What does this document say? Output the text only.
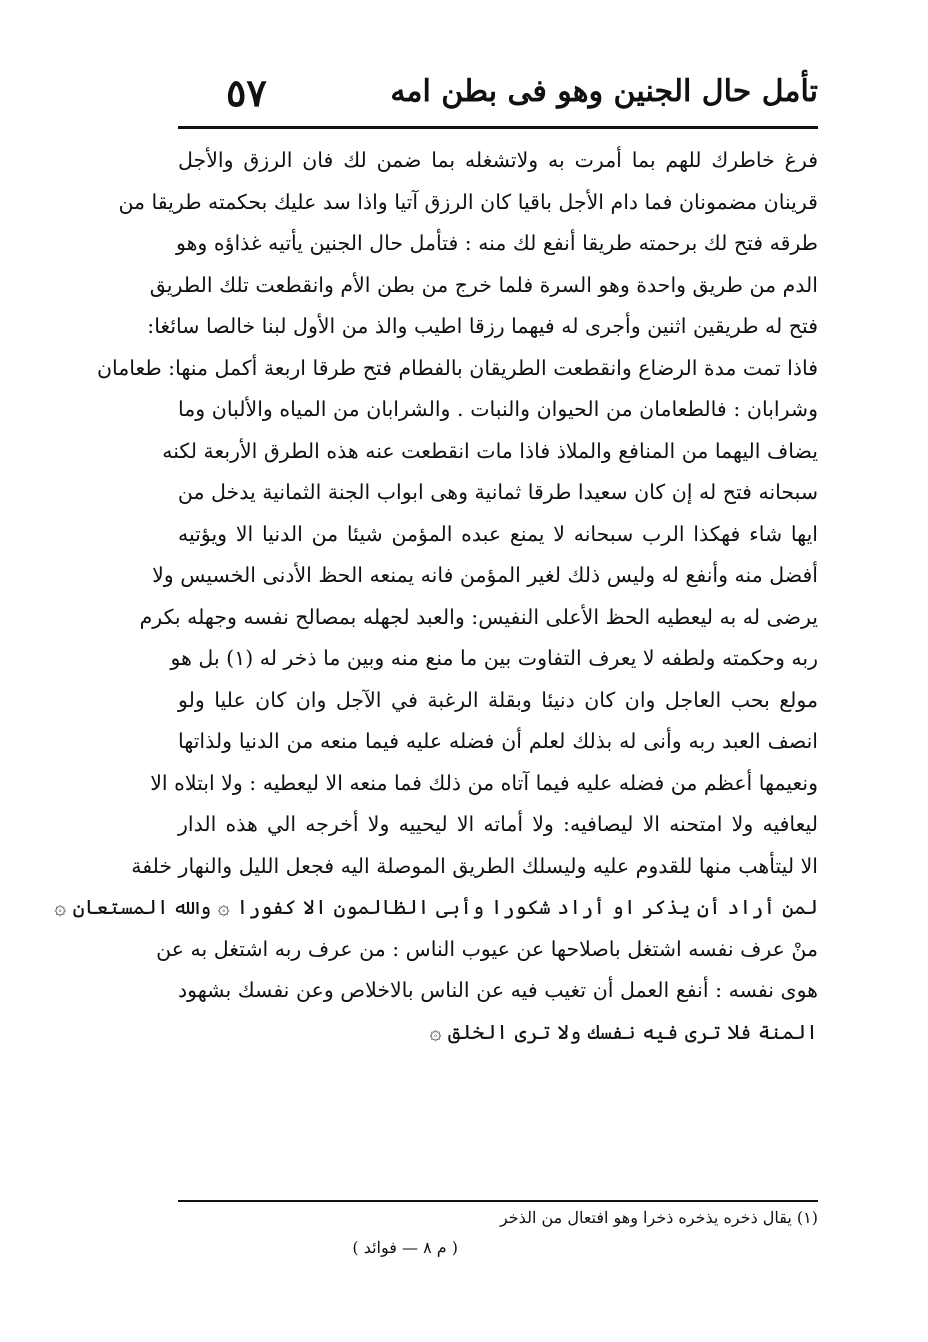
تأمل حال الجنين وهو فى بطن امه
٥٧
فرغ خاطرك للهم بما أمرت به ولاتشغله بما ضمن لك فان الرزق والأجل
قرينان مضمونان فما دام الأجل باقيا كان الرزق آتيا واذا سد عليك بحكمته طريقا من
طرقه فتح لك برحمته طريقا أنفع لك منه : فتأمل حال الجنين يأتيه غذاؤه وهو
الدم من طريق واحدة وهو السرة فلما خرج من بطن الأم وانقطعت تلك الطريق
فتح له طريقين اثنين وأجرى له فيهما رزقا اطيب والذ من الأول لبنا خالصا سائغا:
فاذا تمت مدة الرضاع وانقطعت الطريقان بالفطام فتح طرقا اربعة أكمل منها: طعامان
وشرابان : فالطعامان من الحيوان والنبات . والشرابان من المياه والألبان وما
يضاف اليهما من المنافع والملاذ فاذا مات انقطعت عنه هذه الطرق الأربعة لكنه
سبحانه فتح له إن كان سعيدا طرقا ثمانية وهى ابواب الجنة الثمانية يدخل من
ايها شاء فهكذا الرب سبحانه لا يمنع عبده المؤمن شيئا من الدنيا الا ويؤتيه
أفضل منه وأنفع له وليس ذلك لغير المؤمن فانه يمنعه الحظ الأدنى الخسيس ولا
يرضى له به ليعطيه الحظ الأعلى النفيس: والعبد لجهله بمصالح نفسه وجهله بكرم
ربه وحكمته ولطفه لا يعرف التفاوت بين ما منع منه وبين ما ذخر له (١) بل هو
مولع بحب العاجل وان كان دنيئا وبقلة الرغبة في الآجل وان كان عليا ولو
انصف العبد ربه وأنى له بذلك لعلم أن فضله عليه فيما منعه من الدنيا ولذاتها
ونعيمها أعظم من فضله عليه فيما آتاه من ذلك فما منعه الا ليعطيه : ولا ابتلاه الا
ليعافيه ولا امتحنه الا ليصافيه: ولا أماته الا ليحييه ولا أخرجه الي هذه الدار
الا ليتأهب منها للقدوم عليه وليسلك الطريق الموصلة اليه فجعل الليل والنهار خلفة
لمن أراد أن يذكر او أراد شكورا وأبى الظالمون الا كفورا ۞ والله المستعان ۞
منْ عرف نفسه اشتغل باصلاحها عن عيوب الناس : من عرف ربه اشتغل به عن
هوى نفسه : أنفع العمل أن تغيب فيه عن الناس بالاخلاص وعن نفسك بشهود
المنة فلا ترى فيه نفسك ولا ترى الخلق ۞
(١) يقال ذخره يذخره ذخرا وهو افتعال من الذخر
( م ٨ — فوائد )
